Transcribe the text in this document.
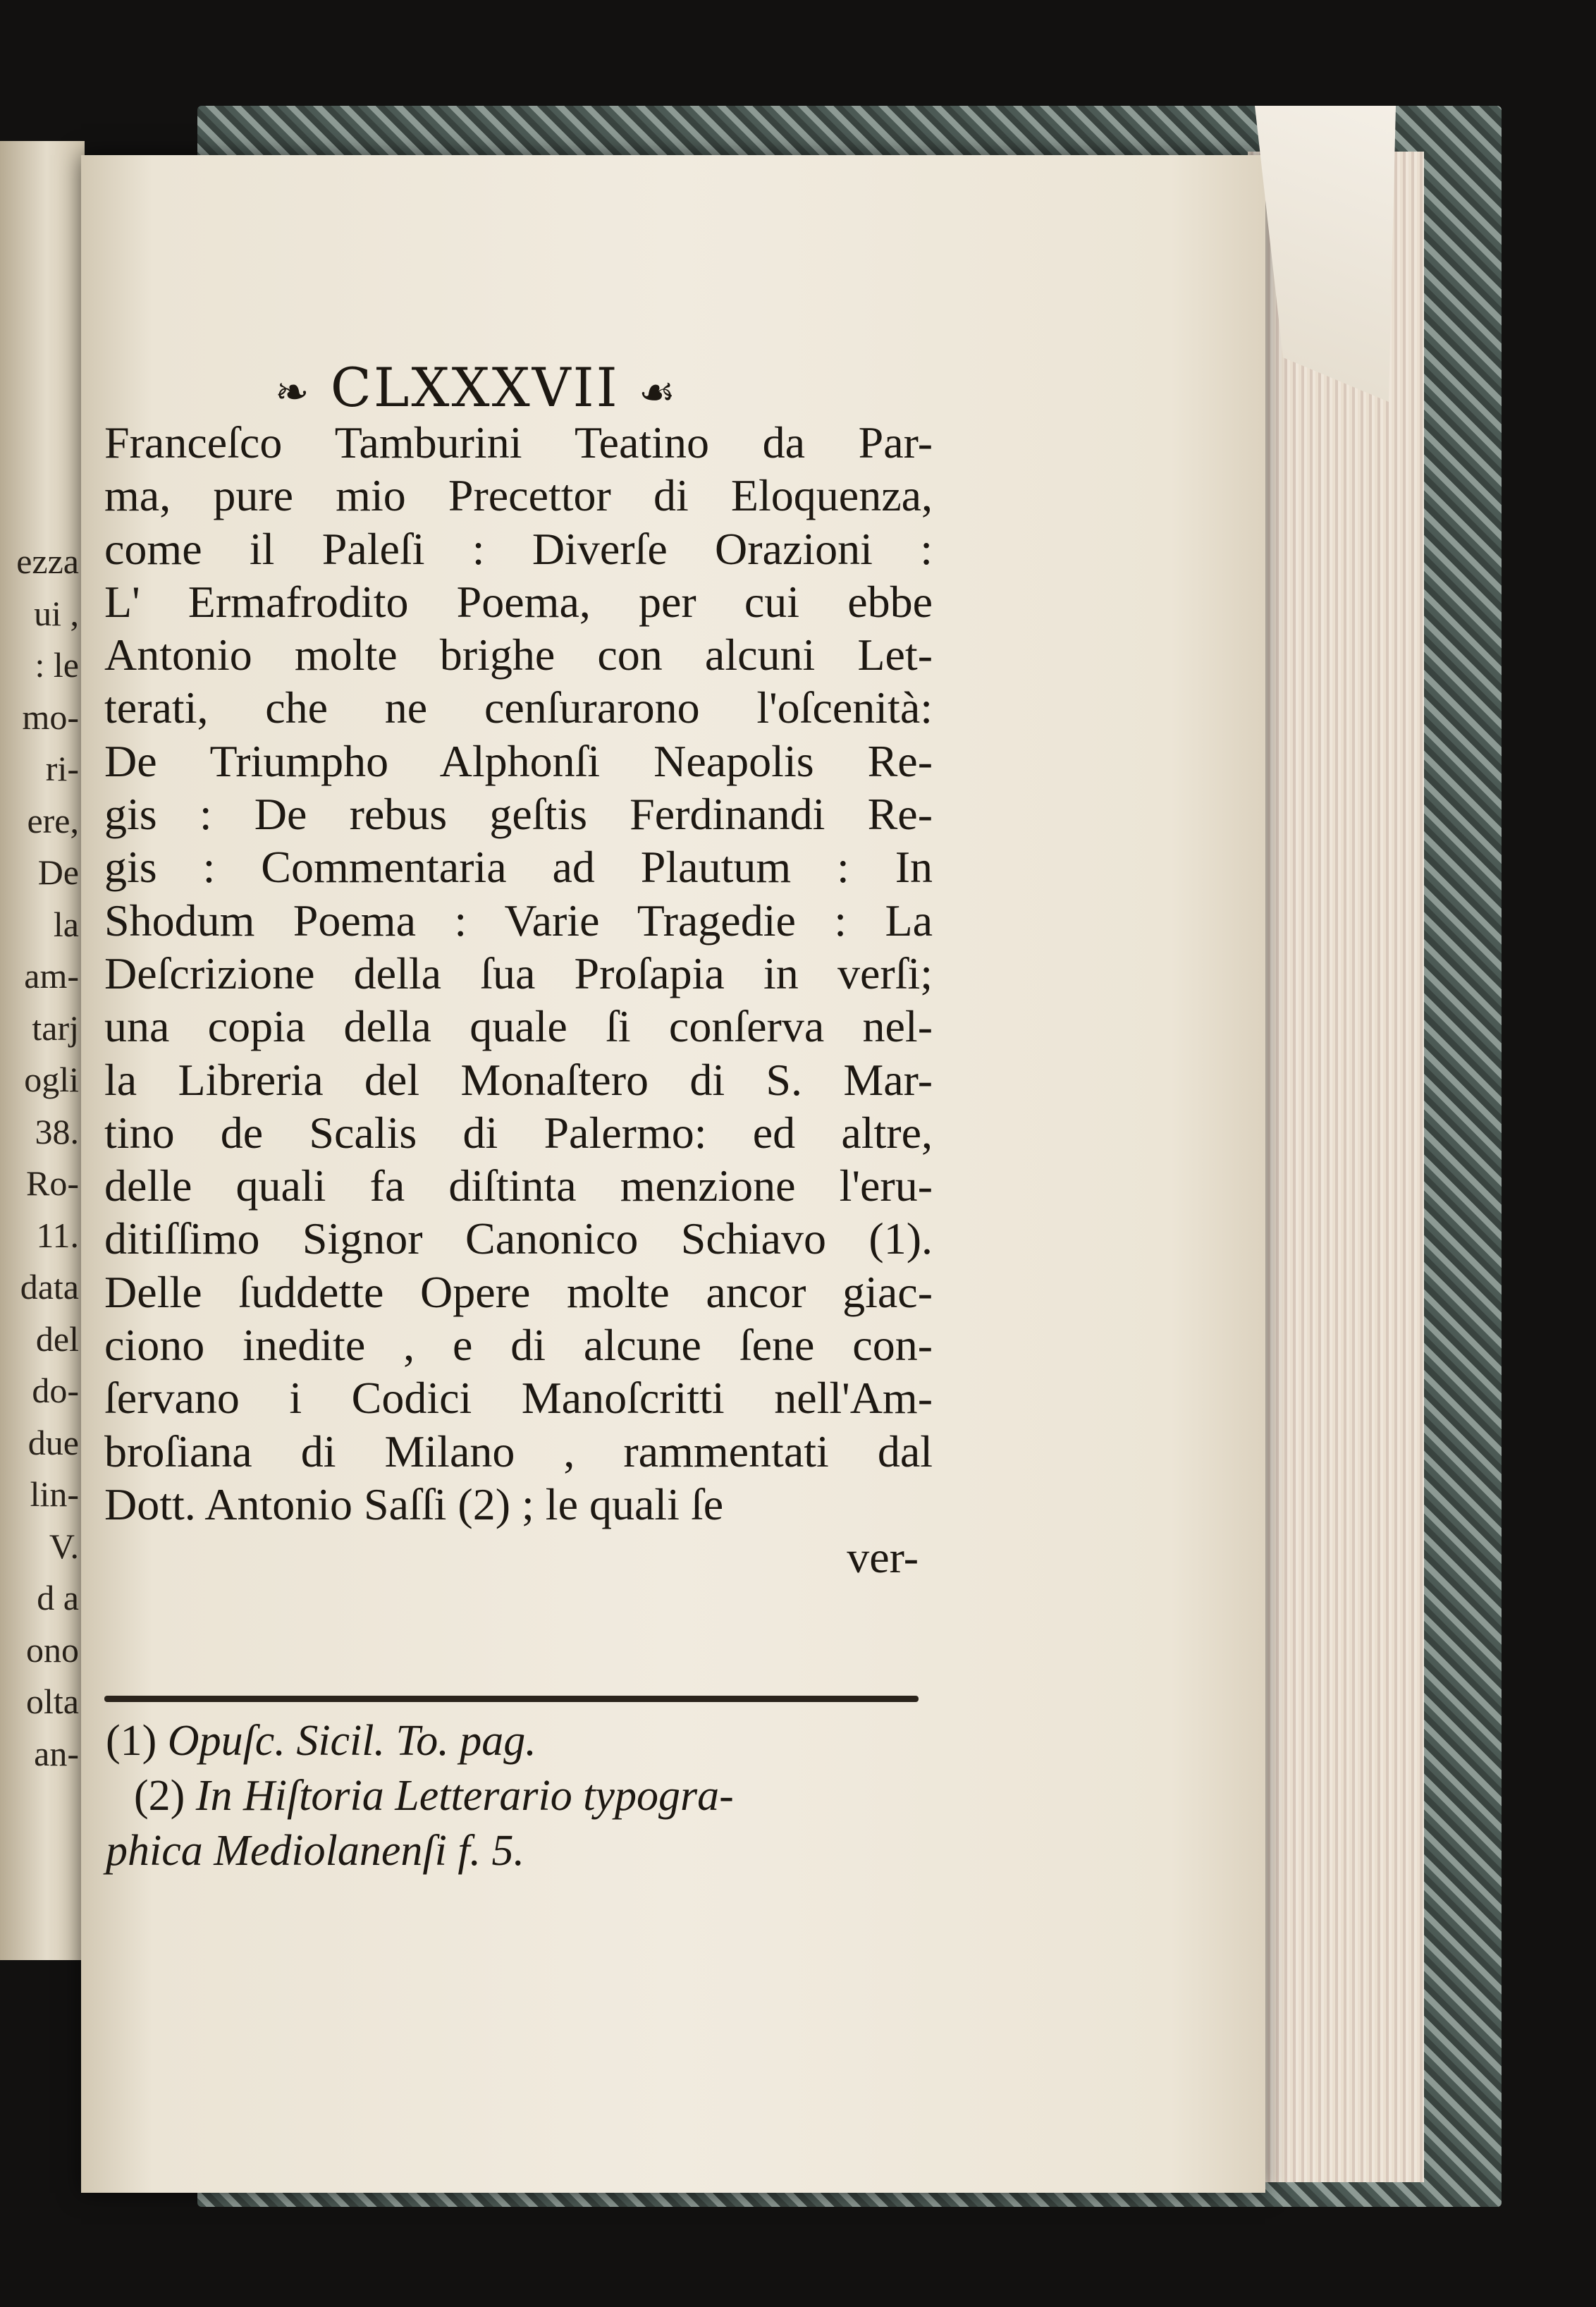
ezza
ui ,
: le
mo-
ri-
ere,
De
la
am-
tarj
ogli
38.
Ro-
11.
data
del
do-
due
lin-
V.
d a
ono
olta
an-
❧ CLXXXVII ☙
Franceſco Tamburini Teatino da Par-
ma, pure mio Precettor di Eloquenza,
come il Paleſi : Diverſe Orazioni :
L' Ermafrodito Poema, per cui ebbe
Antonio molte brighe con alcuni Let-
terati, che ne cenſurarono l'oſcenità:
De Triumpho Alphonſi Neapolis Re-
gis : De rebus geſtis Ferdinandi Re-
gis : Commentaria ad Plautum : In
Shodum Poema : Varie Tragedie : La
Deſcrizione della ſua Proſapia in verſi;
una copia della quale ſi conſerva nel-
la Libreria del Monaſtero di S. Mar-
tino de Scalis di Palermo: ed altre,
delle quali fa diſtinta menzione l'eru-
ditiſſimo Signor Canonico Schiavo (1).
Delle ſuddette Opere molte ancor giac-
ciono inedite , e di alcune ſene con-
ſervano i Codici Manoſcritti nell'Am-
broſiana di Milano , rammentati dal
Dott. Antonio Saſſi (2) ; le quali ſe
ver-
(1) Opuſc. Sicil. To. pag.
(2) In Hiſtoria Letterario typogra-
phica Mediolanenſi f. 5.
